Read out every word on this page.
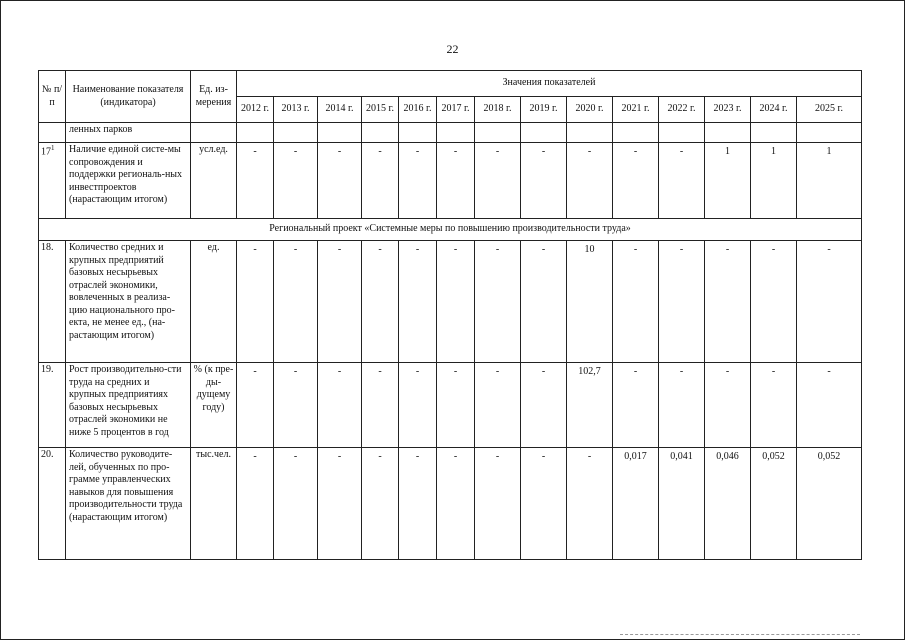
22
№ п/п	Наименование показателя (индикатора)	Ед. из-мерения	Значения показателей													
			2012 г.	2013 г.	2014 г.	2015 г.	2016 г.	2017 г.	2018 г.	2019 г.	2020 г.	2021 г.	2022 г.	2023 г.	2024 г.	2025 г.
	ленных парков															
$17^1$	Наличие единой систе-мы сопровождения и поддержки региональ-ных инвестпроектов (нарастающим итогом)	усл.ед.	-	-	-	-	-	-	-	-	-	-	-	1	1	1
Региональный проект «Системные меры по повышению производительности труда»																
18.	Количество средних и крупных предприятий базовых несырьевых отраслей экономики, вовлеченных в реализа-цию национального про-екта, не менее ед., (на-растающим итогом)	ед.	-	-	-	-	-	-	-	-	10	-	-	-	-	-
19.	Рост производительно-сти труда на средних и крупных предприятиях базовых несырьевых отраслей экономики не ниже 5 процентов в год	% (к пре-ды-дущему году)	-	-	-	-	-	-	-	-	102,7	-	-	-	-	-
20.	Количество руководите-лей, обученных по про-грамме управленческих навыков для повышения производительности труда (нарастающим итогом)	тыс.чел.	-	-	-	-	-	-	-	-	-	0,017	0,041	0,046	0,052	0,052
